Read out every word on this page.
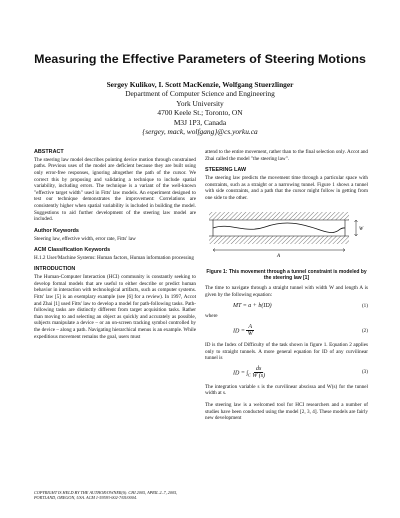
Measuring the Effective Parameters of Steering Motions
Sergey Kulikov, I. Scott MacKenzie, Wolfgang Stuerzlinger
Department of Computer Science and Engineering
York University
4700 Keele St.; Toronto, ON
M3J 1P3, Canada
{sergey, mack, wolfgang}@cs.yorku.ca
ABSTRACT

The steering law model describes pointing device motion through constrained paths. Previous uses of the model are deficient because they are built using only error-free responses, ignoring altogether the path of the cursor. We correct this by proposing and validating a technique to include spatial variability, including errors. The technique is a variant of the well-known "effective target width" used in Fitts' law models. An experiment designed to test our technique demonstrates the improvement: Correlations are consistently higher when spatial variability is included in building the model. Suggestions to aid further development of the steering law model are included.

Author Keywords

Steering law, effective width, error rate, Fitts' law

ACM Classification Keywords

H.1.2 User/Machine Systems: Human factors, Human information processing

INTRODUCTION

The Human-Computer Interaction (HCI) community is constantly seeking to develop formal models that are useful to either describe or predict human behavior in interaction with technological artifacts, such as computer systems. Fitts' law [5] is an exemplary example (see [6] for a review). In 1997, Accot and Zhai [1] used Fitts' law to develop a model for path-following tasks. Path-following tasks are distinctly different from target acquisition tasks. Rather than moving to and selecting an object as quickly and accurately as possible, subjects manipulate a device – or an on-screen tracking symbol controlled by the device – along a path. Navigating hierarchical menus is an example. While expeditious movement remains the goal, users must

COPYRIGHT IS HELD BY THE AUTHOR/OWNER(S). CHI 2005, APRIL 2–7, 2005, PORTLAND, OREGON, USA. ACM 1-59593-002-7/05/0004.

attend to the entire movement, rather than to the final selection only. Accot and Zhai called the model "the steering law".

STEERING LAW

The steering law predicts the movement time through a particular space with constraints, such as a straight or a narrowing tunnel. Figure 1 shows a tunnel with side constraints, and a path that the cursor might follow in getting from one side to the other.

W
A
Figure 1: This movement through a tunnel constraint is modeled by the steering law [1]

The time to navigate through a straight tunnel with width W and length A is given by the following equation:

MT = a + b(ID)	(1)

where

ID = $\frac{A}{W}$	(2)

ID is the Index of Difficulty of the task shown in figure 1. Equation 2 applies only to straight tunnels. A more general equation for ID of any curvilinear tunnel is

ID = $\int_C \frac{ds}{W (s)}$	(3)

The integration variable s is the curvilinear abscissa and W(s) for the tunnel width at s.

The steering law is a welcomed tool for HCI researchers and a number of studies have been conducted using the model [2, 3, 4]. These models are fairly new development
